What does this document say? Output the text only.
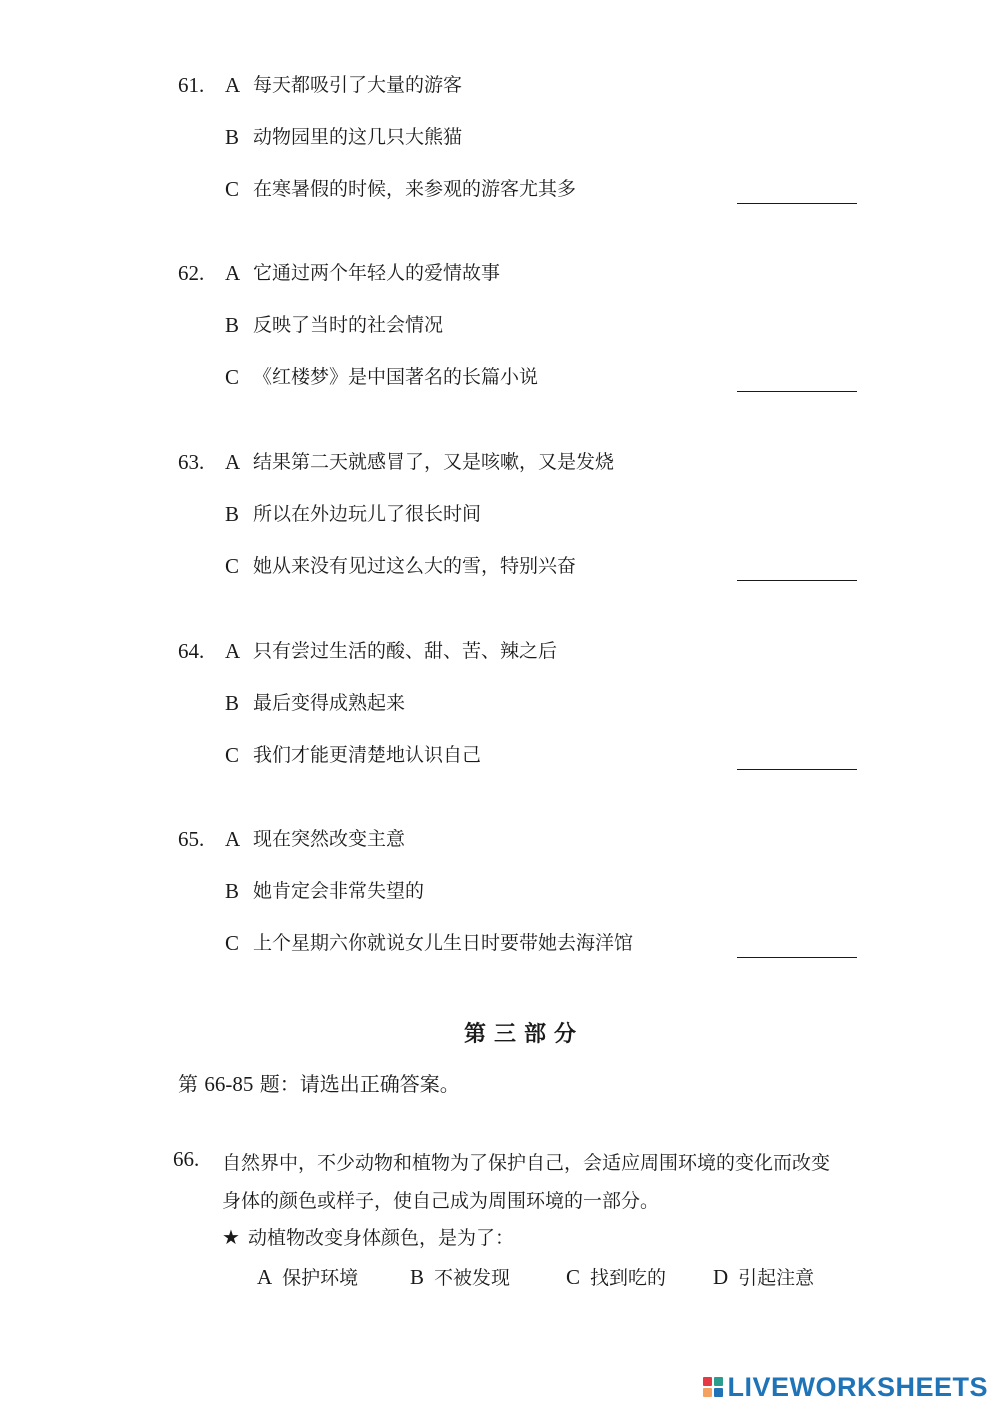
61. A 每天都吸引了大量的游客
B 动物园里的这几只大熊猫
C 在寒暑假的时候，来参观的游客尤其多
62. A 它通过两个年轻人的爱情故事
B 反映了当时的社会情况
C 《红楼梦》是中国著名的长篇小说
63. A 结果第二天就感冒了，又是咳嗽，又是发烧
B 所以在外边玩儿了很长时间
C 她从来没有见过这么大的雪，特别兴奋
64. A 只有尝过生活的酸、甜、苦、辣之后
B 最后变得成熟起来
C 我们才能更清楚地认识自己
65. A 现在突然改变主意
B 她肯定会非常失望的
C 上个星期六你就说女儿生日时要带她去海洋馆
第三部分
第 66-85 题：请选出正确答案。
66. 自然界中，不少动物和植物为了保护自己，会适应周围环境的变化而改变
身体的颜色或样子，使自己成为周围环境的一部分。
★ 动植物改变身体颜色，是为了：
A 保护环境 B 不被发现	C 找到吃的 D 引起注意
LIVEWORKSHEETS
